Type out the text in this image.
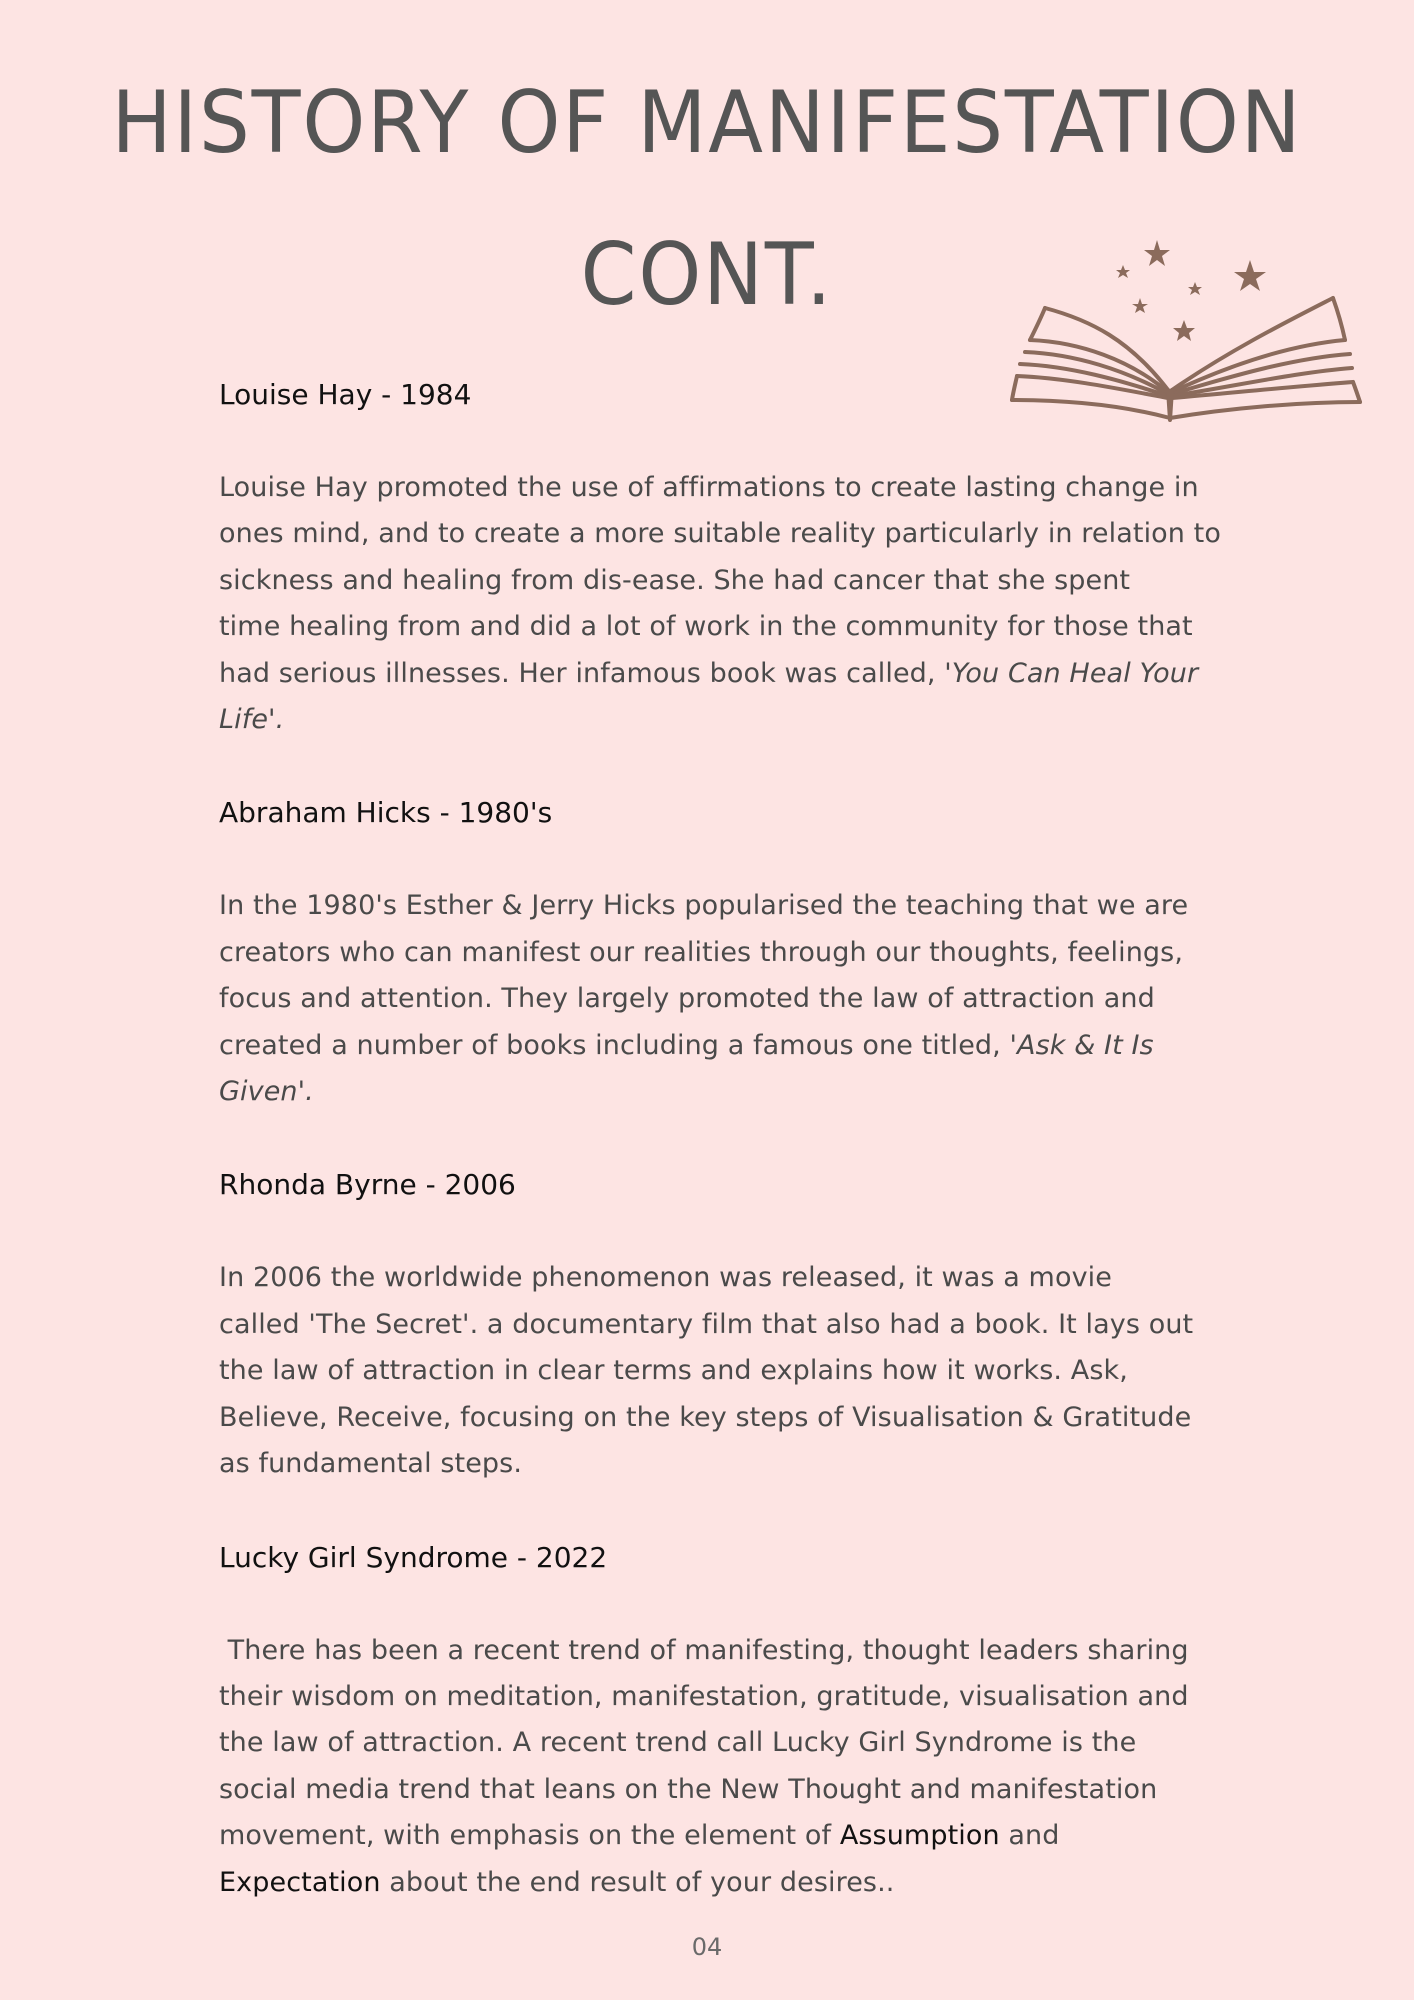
HISTORY OF MANIFESTATION
CONT.
Louise Hay - 1984

Louise Hay promoted the use of affirmations to create lasting change in
ones mind, and to create a more suitable reality particularly in relation to
sickness and healing from dis-ease. She had cancer that she spent
time healing from and did a lot of work in the community for those that
had serious illnesses. Her infamous book was called, 'You Can Heal Your
Life'.

Abraham Hicks - 1980's

In the 1980's Esther & Jerry Hicks popularised the teaching that we are
creators who can manifest our realities through our thoughts, feelings,
focus and attention. They largely promoted the law of attraction and
created a number of books including a famous one titled, 'Ask & It Is
Given'.

Rhonda Byrne - 2006

In 2006 the worldwide phenomenon was released, it was a movie
called 'The Secret'. a documentary film that also had a book. It lays out
the law of attraction in clear terms and explains how it works. Ask,
Believe, Receive, focusing on the key steps of Visualisation & Gratitude
as fundamental steps.

Lucky Girl Syndrome - 2022

There has been a recent trend of manifesting, thought leaders sharing
their wisdom on meditation, manifestation, gratitude, visualisation and
the law of attraction. A recent trend call Lucky Girl Syndrome is the
social media trend that leans on the New Thought and manifestation
movement, with emphasis on the element of Assumption and
Expectation about the end result of your desires..

04
